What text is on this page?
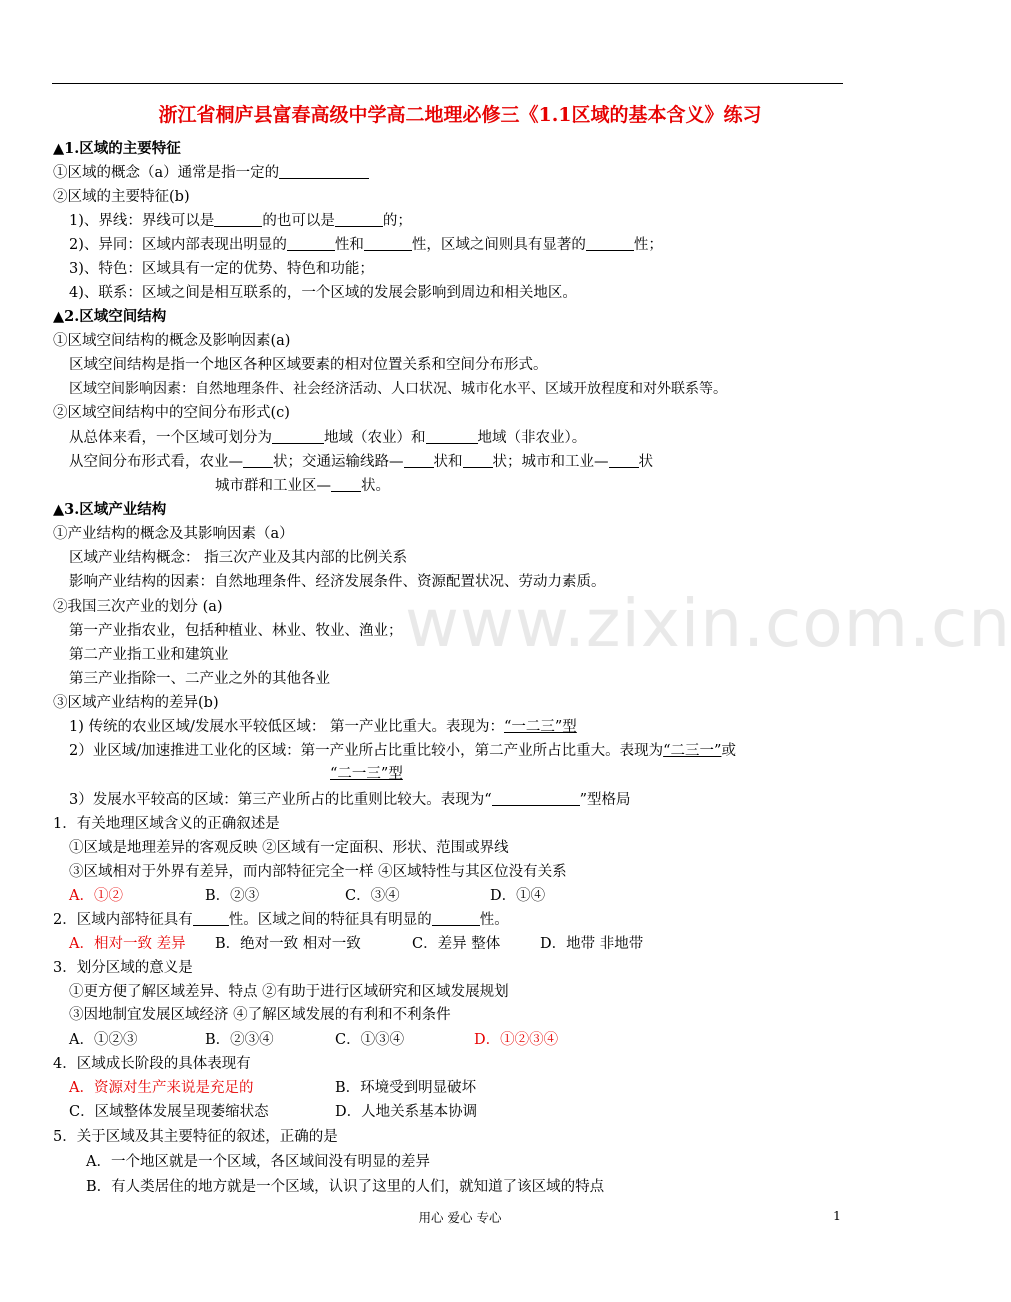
www.zixin.com.cn
浙江省桐庐县富春高级中学高二地理必修三《1.1区域的基本含义》练习
▲1.区域的主要特征
①区域的概念（a）通常是指一定的
②区域的主要特征(b)
1)、界线：界线可以是	的也可以是	的；
2)、异同：区域内部表现出明显的	性和	性，区域之间则具有显著的	性；
3)、特色：区域具有一定的优势、特色和功能；
4)、联系：区域之间是相互联系的，一个区域的发展会影响到周边和相关地区。
▲2.区域空间结构
①区域空间结构的概念及影响因素(a)
区域空间结构是指一个地区各种区域要素的相对位置关系和空间分布形式。
区域空间影响因素：自然地理条件、社会经济活动、人口状况、城市化水平、区域开放程度和对外联系等。
②区域空间结构中的空间分布形式(c)
从总体来看，一个区域可划分为	地域（农业）和	地域（非农业）。
从空间分布形式看，农业— 状；交通运输线路— 状和 状；城市和工业— 状
城市群和工业区— 状。
▲3.区域产业结构
①产业结构的概念及其影响因素（a）
区域产业结构概念： 指三次产业及其内部的比例关系
影响产业结构的因素：自然地理条件、经济发展条件、资源配置状况、劳动力素质。
②我国三次产业的划分 (a)
第一产业指农业，包括种植业、林业、牧业、渔业；
第二产业指工业和建筑业
第三产业指除一、二产业之外的其他各业
③区域产业结构的差异(b)
1) 传统的农业区域/发展水平较低区域： 第一产业比重大。表现为：“一二三”型
2）业区域/加速推进工业化的区域：第一产业所占比重比较小，第二产业所占比重大。表现为“二三一”或
“二一三”型
3）发展水平较高的区域：第三产业所占的比重则比较大。表现为“	”型格局
1．有关地理区域含义的正确叙述是
①区域是地理差异的客观反映 ②区域有一定面积、形状、范围或界线
③区域相对于外界有差异，而内部特征完全一样 ④区域特性与其区位没有关系
A．①②	B．②③	C．③④	D．①④
2．区域内部特征具有 性。区域之间的特征具有明显的	性。
A．相对一致 差异 B．绝对一致 相对一致	C．差异 整体	D．地带 非地带
3．划分区域的意义是
①更方便了解区域差异、特点 ②有助于进行区域研究和区域发展规划
③因地制宜发展区域经济 ④了解区域发展的有利和不利条件
A．①②③	B．②③④	C．①③④	D．①②③④
4．区域成长阶段的具体表现有
A．资源对生产来说是充足的	B．环境受到明显破坏
C．区域整体发展呈现萎缩状态	D．人地关系基本协调
5．关于区域及其主要特征的叙述，正确的是
A．一个地区就是一个区域，各区域间没有明显的差异
B．有人类居住的地方就是一个区域，认识了这里的人们，就知道了该区域的特点
用心 爱心 专心	1
